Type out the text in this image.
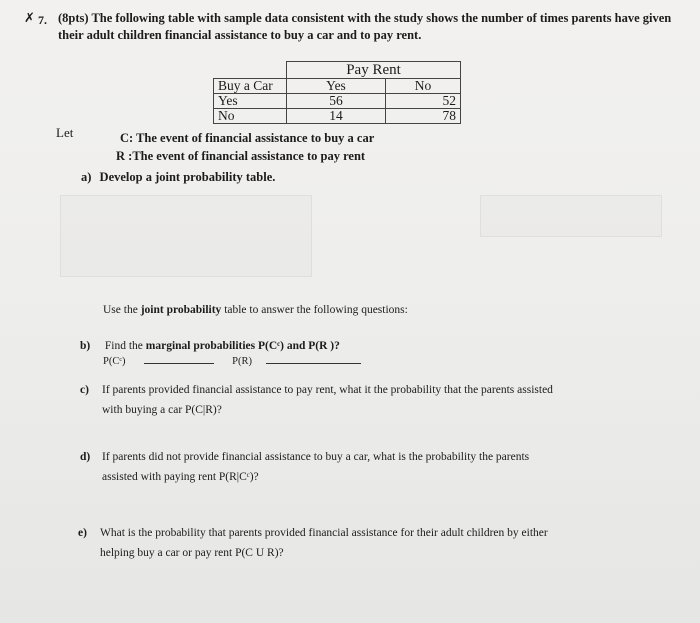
✗ 7. (8pts) The following table with sample data consistent with the study shows the number of times parents have given their adult children financial assistance to buy a car and to pay rent.
	Pay Rent	
Buy a Car	Yes	No
Yes	56	52
No	14	78
Let	C: The event of financial assistance to buy a car
R :The event of financial assistance to pay rent
a) Develop a joint probability table.
Use the joint probability table to answer the following questions:
b) Find the marginal probabilities P(Cᶜ) and P(R )?
P(Cᶜ)	P(R)
c) If parents provided financial assistance to pay rent, what it the probability that the parents assisted
with buying a car P(C|R)?
d) If parents did not provide financial assistance to buy a car, what is the probability the parents
assisted with paying rent P(R|Cᶜ)?
e) What is the probability that parents provided financial assistance for their adult children by either
helping buy a car or pay rent P(C U R)?
